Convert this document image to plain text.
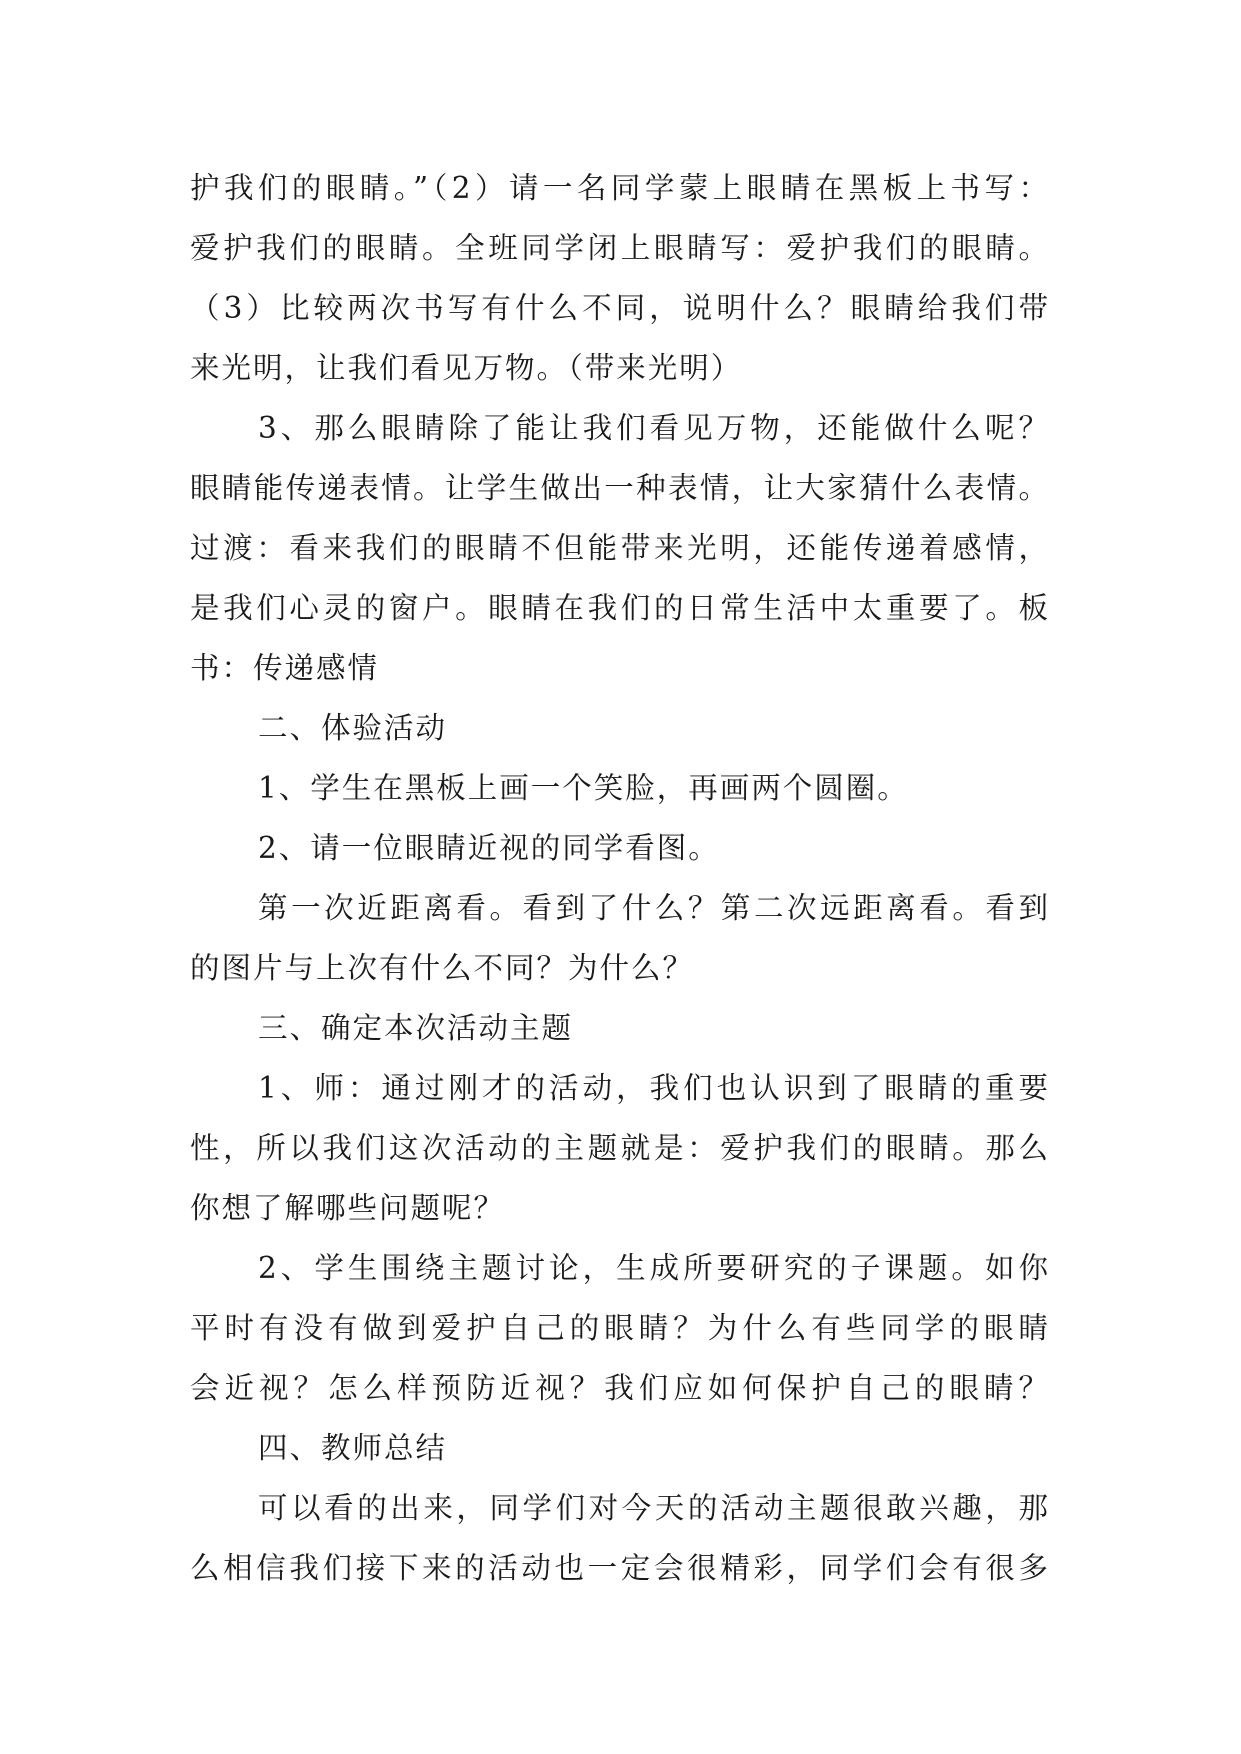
护我们的眼睛。”（2）请一名同学蒙上眼睛在黑板上书写：
爱护我们的眼睛。全班同学闭上眼睛写：爱护我们的眼睛。
（3）比较两次书写有什么不同，说明什么？眼睛给我们带
来光明，让我们看见万物。（带来光明）
3、那么眼睛除了能让我们看见万物，还能做什么呢？
眼睛能传递表情。让学生做出一种表情，让大家猜什么表情。
过渡：看来我们的眼睛不但能带来光明，还能传递着感情，
是我们心灵的窗户。眼睛在我们的日常生活中太重要了。板
书：传递感情
二、体验活动
1、学生在黑板上画一个笑脸，再画两个圆圈。
2、请一位眼睛近视的同学看图。
第一次近距离看。看到了什么？第二次远距离看。看到
的图片与上次有什么不同？为什么？
三、确定本次活动主题
1、师：通过刚才的活动，我们也认识到了眼睛的重要
性，所以我们这次活动的主题就是：爱护我们的眼睛。那么
你想了解哪些问题呢？
2、学生围绕主题讨论，生成所要研究的子课题。如你
平时有没有做到爱护自己的眼睛？为什么有些同学的眼睛
会近视？怎么样预防近视？我们应如何保护自己的眼睛？
四、教师总结
可以看的出来，同学们对今天的活动主题很敢兴趣，那
么相信我们接下来的活动也一定会很精彩，同学们会有很多
